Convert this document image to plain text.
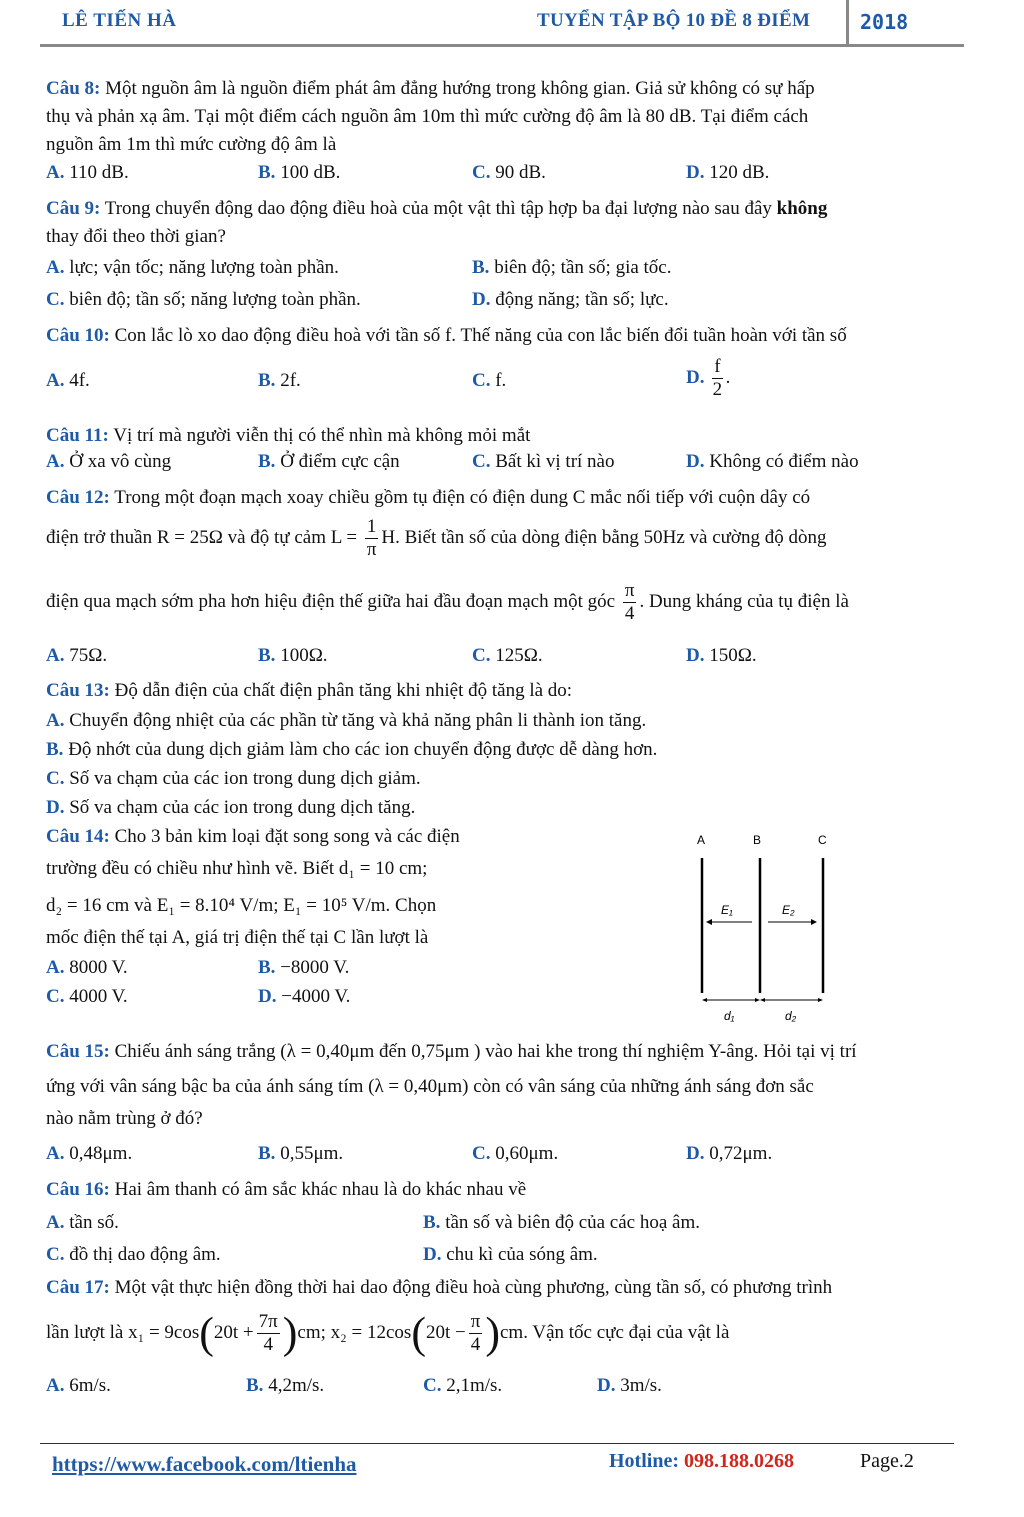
LÊ TIẾN HÀ	TUYỂN TẬP BỘ 10 ĐỀ 8 ĐIỂM 2018
Câu 8: Một nguồn âm là nguồn điểm phát âm đẳng hướng trong không gian. Giả sử không có sự hấp
thụ và phản xạ âm. Tại một điểm cách nguồn âm 10m thì mức cường độ âm là 80 dB. Tại điểm cách
nguồn âm 1m thì mức cường độ âm là
A. 110 dB.	B. 100 dB.	C. 90 dB.	D. 120 dB.
Câu 9: Trong chuyển động dao động điều hoà của một vật thì tập hợp ba đại lượng nào sau đây không
thay đổi theo thời gian?
A. lực; vận tốc; năng lượng toàn phần.	B. biên độ; tần số; gia tốc.
C. biên độ; tần số; năng lượng toàn phần.	D. động năng; tần số; lực.
Câu 10: Con lắc lò xo dao động điều hoà với tần số f. Thế năng của con lắc biến đổi tuần hoàn với tần số
A. 4f.	B. 2f.	C. f.	D. $\frac{f}{2}$ .
Câu 11: Vị trí mà người viễn thị có thể nhìn mà không mỏi mắt
A. Ở xa vô cùng	B. Ở điểm cực cận	C. Bất kì vị trí nào	D. Không có điểm nào
Câu 12: Trong một đoạn mạch xoay chiều gồm tụ điện có điện dung C mắc nối tiếp với cuộn dây có
điện trở thuần R = 25Ω và độ tự cảm $L = \frac{1}{\pi} H$. Biết tần số của dòng điện bằng 50Hz và cường độ dòng
điện qua mạch sớm pha hơn hiệu điện thế giữa hai đầu đoạn mạch một góc $\frac{\pi}{4}$ . Dung kháng của tụ điện là
A. 75Ω.	B. 100Ω.	C. 125Ω.	D. 150Ω.
Câu 13: Độ dẫn điện của chất điện phân tăng khi nhiệt độ tăng là do:
A. Chuyển động nhiệt của các phần từ tăng và khả năng phân li thành ion tăng.
B. Độ nhớt của dung dịch giảm làm cho các ion chuyển động được dễ dàng hơn.
C. Số va chạm của các ion trong dung dịch giảm.
D. Số va chạm của các ion trong dung dịch tăng.
Câu 14: Cho 3 bản kim loại đặt song song và các điện
trường đều có chiều như hình vẽ. Biết d₁ = 10 cm;
d₂ = 16 cm và E₁ = 8.10⁴ V/m; E₁ = 10⁵ V/m. Chọn
mốc điện thế tại A, giá trị điện thế tại C lần lượt là
A. 8000 V.	B. −8000 V.
C. 4000 V.	D. −4000 V.
A	B	C
E₁	E₂
d₁	d₂
Câu 15: Chiếu ánh sáng trắng (λ = 0,40μm đến 0,75μm ) vào hai khe trong thí nghiệm Y-âng. Hỏi tại vị trí
ứng với vân sáng bậc ba của ánh sáng tím (λ = 0,40μm) còn có vân sáng của những ánh sáng đơn sắc
nào nằm trùng ở đó?
A. 0,48μm.	B. 0,55μm.	C. 0,60μm.	D. 0,72μm.
Câu 16: Hai âm thanh có âm sắc khác nhau là do khác nhau về
A. tần số.	B. tần số và biên độ của các hoạ âm.
C. đồ thị dao động âm.	D. chu kì của sóng âm.
Câu 17: Một vật thực hiện đồng thời hai dao động điều hoà cùng phương, cùng tần số, có phương trình
lần lượt là $x_1 = 9\cos(20t + \frac{7\pi}{4} )cm$; $x_2 = 12\cos(20t - \frac{\pi}{4} )cm$. Vận tốc cực đại của vật là
A. 6m/s.	B. 4,2m/s.	C. 2,1m/s.	D. 3m/s.
https://www.facebook.com/ltienha	Hotline: 098.188.0268	Page.2
